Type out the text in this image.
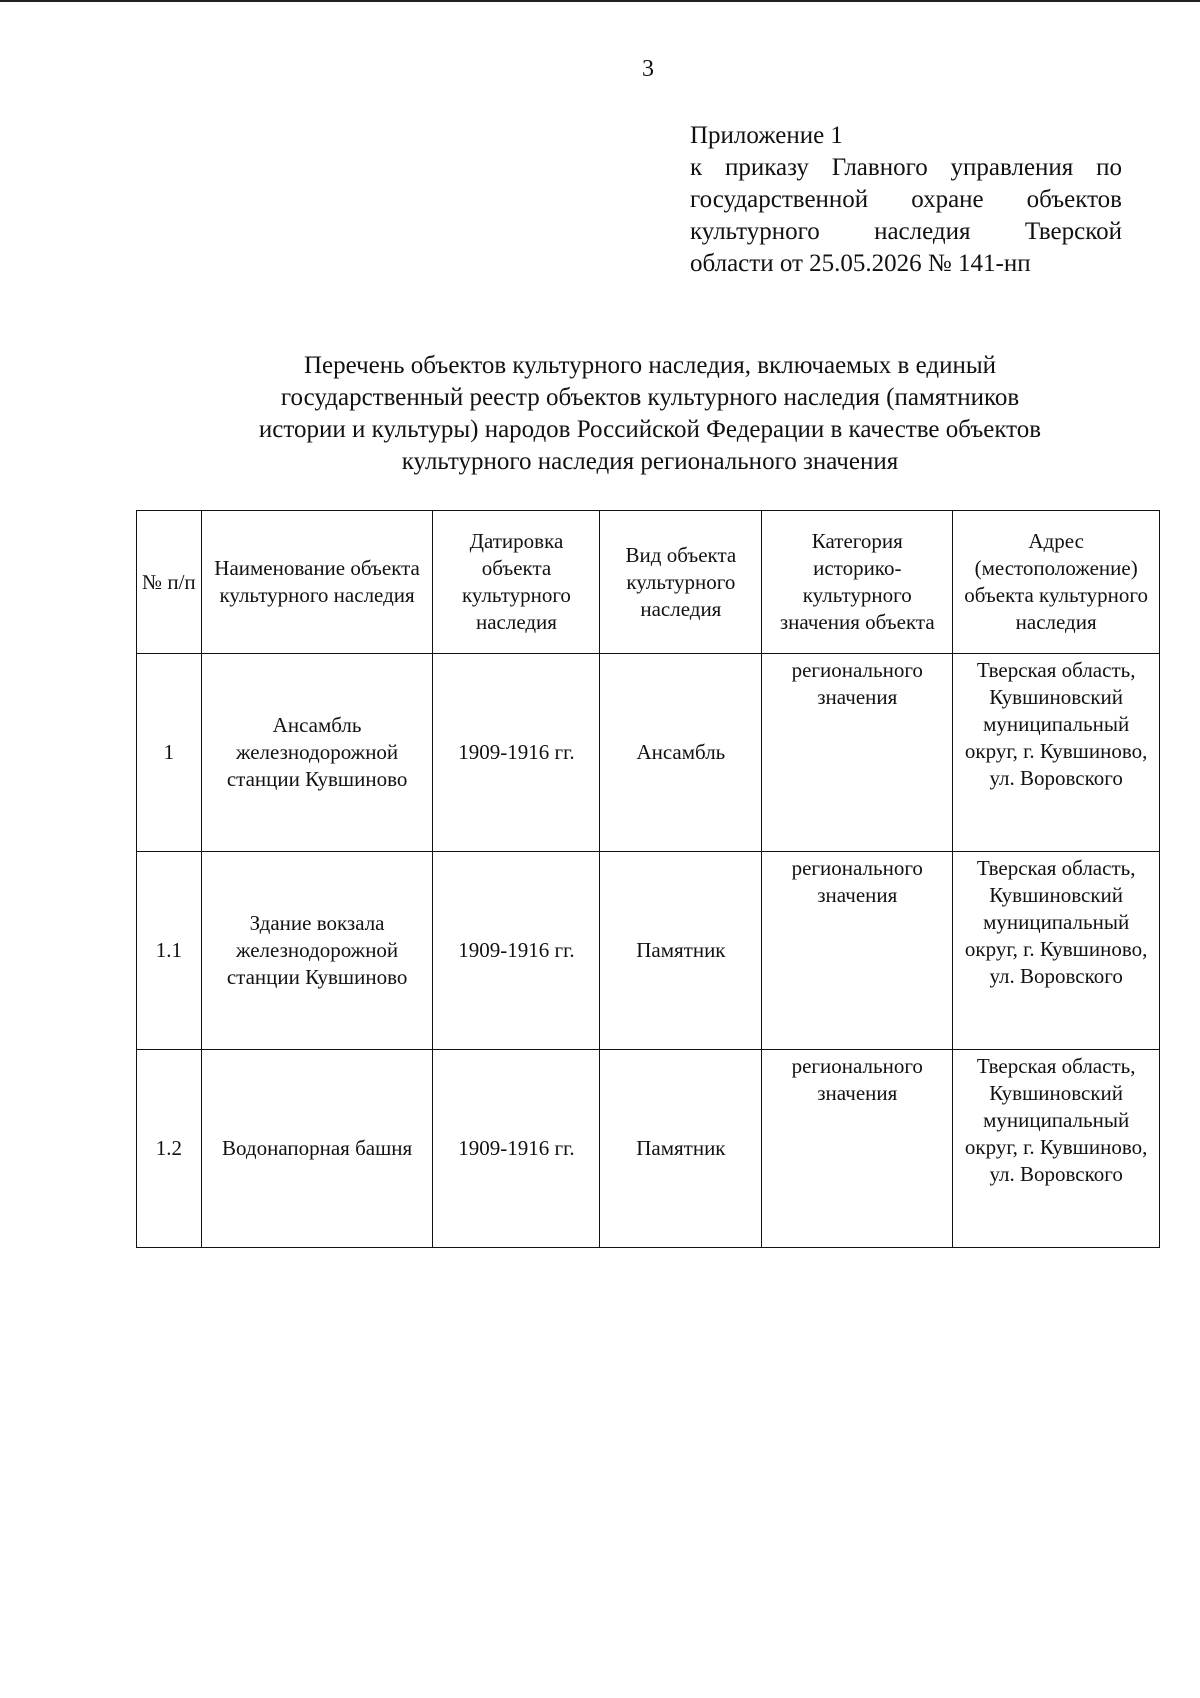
3
Приложение 1
к приказу Главного управления по
государственной охране объектов
культурного наследия Тверской
области от 25.05.2026 № 141-нп
Перечень объектов культурного наследия, включаемых в единый
государственный реестр объектов культурного наследия (памятников
истории и культуры) народов Российской Федерации в качестве объектов
культурного наследия регионального значения
№ п/п	Наименование объекта культурного наследия	Датировка объекта культурного наследия	Вид объекта культурного наследия	Категория историко-культурного значения объекта	Адрес (местоположение) объекта культурного наследия
1	Ансамбль железнодорожной станции Кувшиново	1909-1916 гг.	Ансамбль	регионального значения	Тверская область, Кувшиновский муниципальный округ, г. Кувшиново, ул. Воровского
1.1	Здание вокзала железнодорожной станции Кувшиново	1909-1916 гг.	Памятник	регионального значения	Тверская область, Кувшиновский муниципальный округ, г. Кувшиново, ул. Воровского
1.2	Водонапорная башня	1909-1916 гг.	Памятник	регионального значения	Тверская область, Кувшиновский муниципальный округ, г. Кувшиново, ул. Воровского
